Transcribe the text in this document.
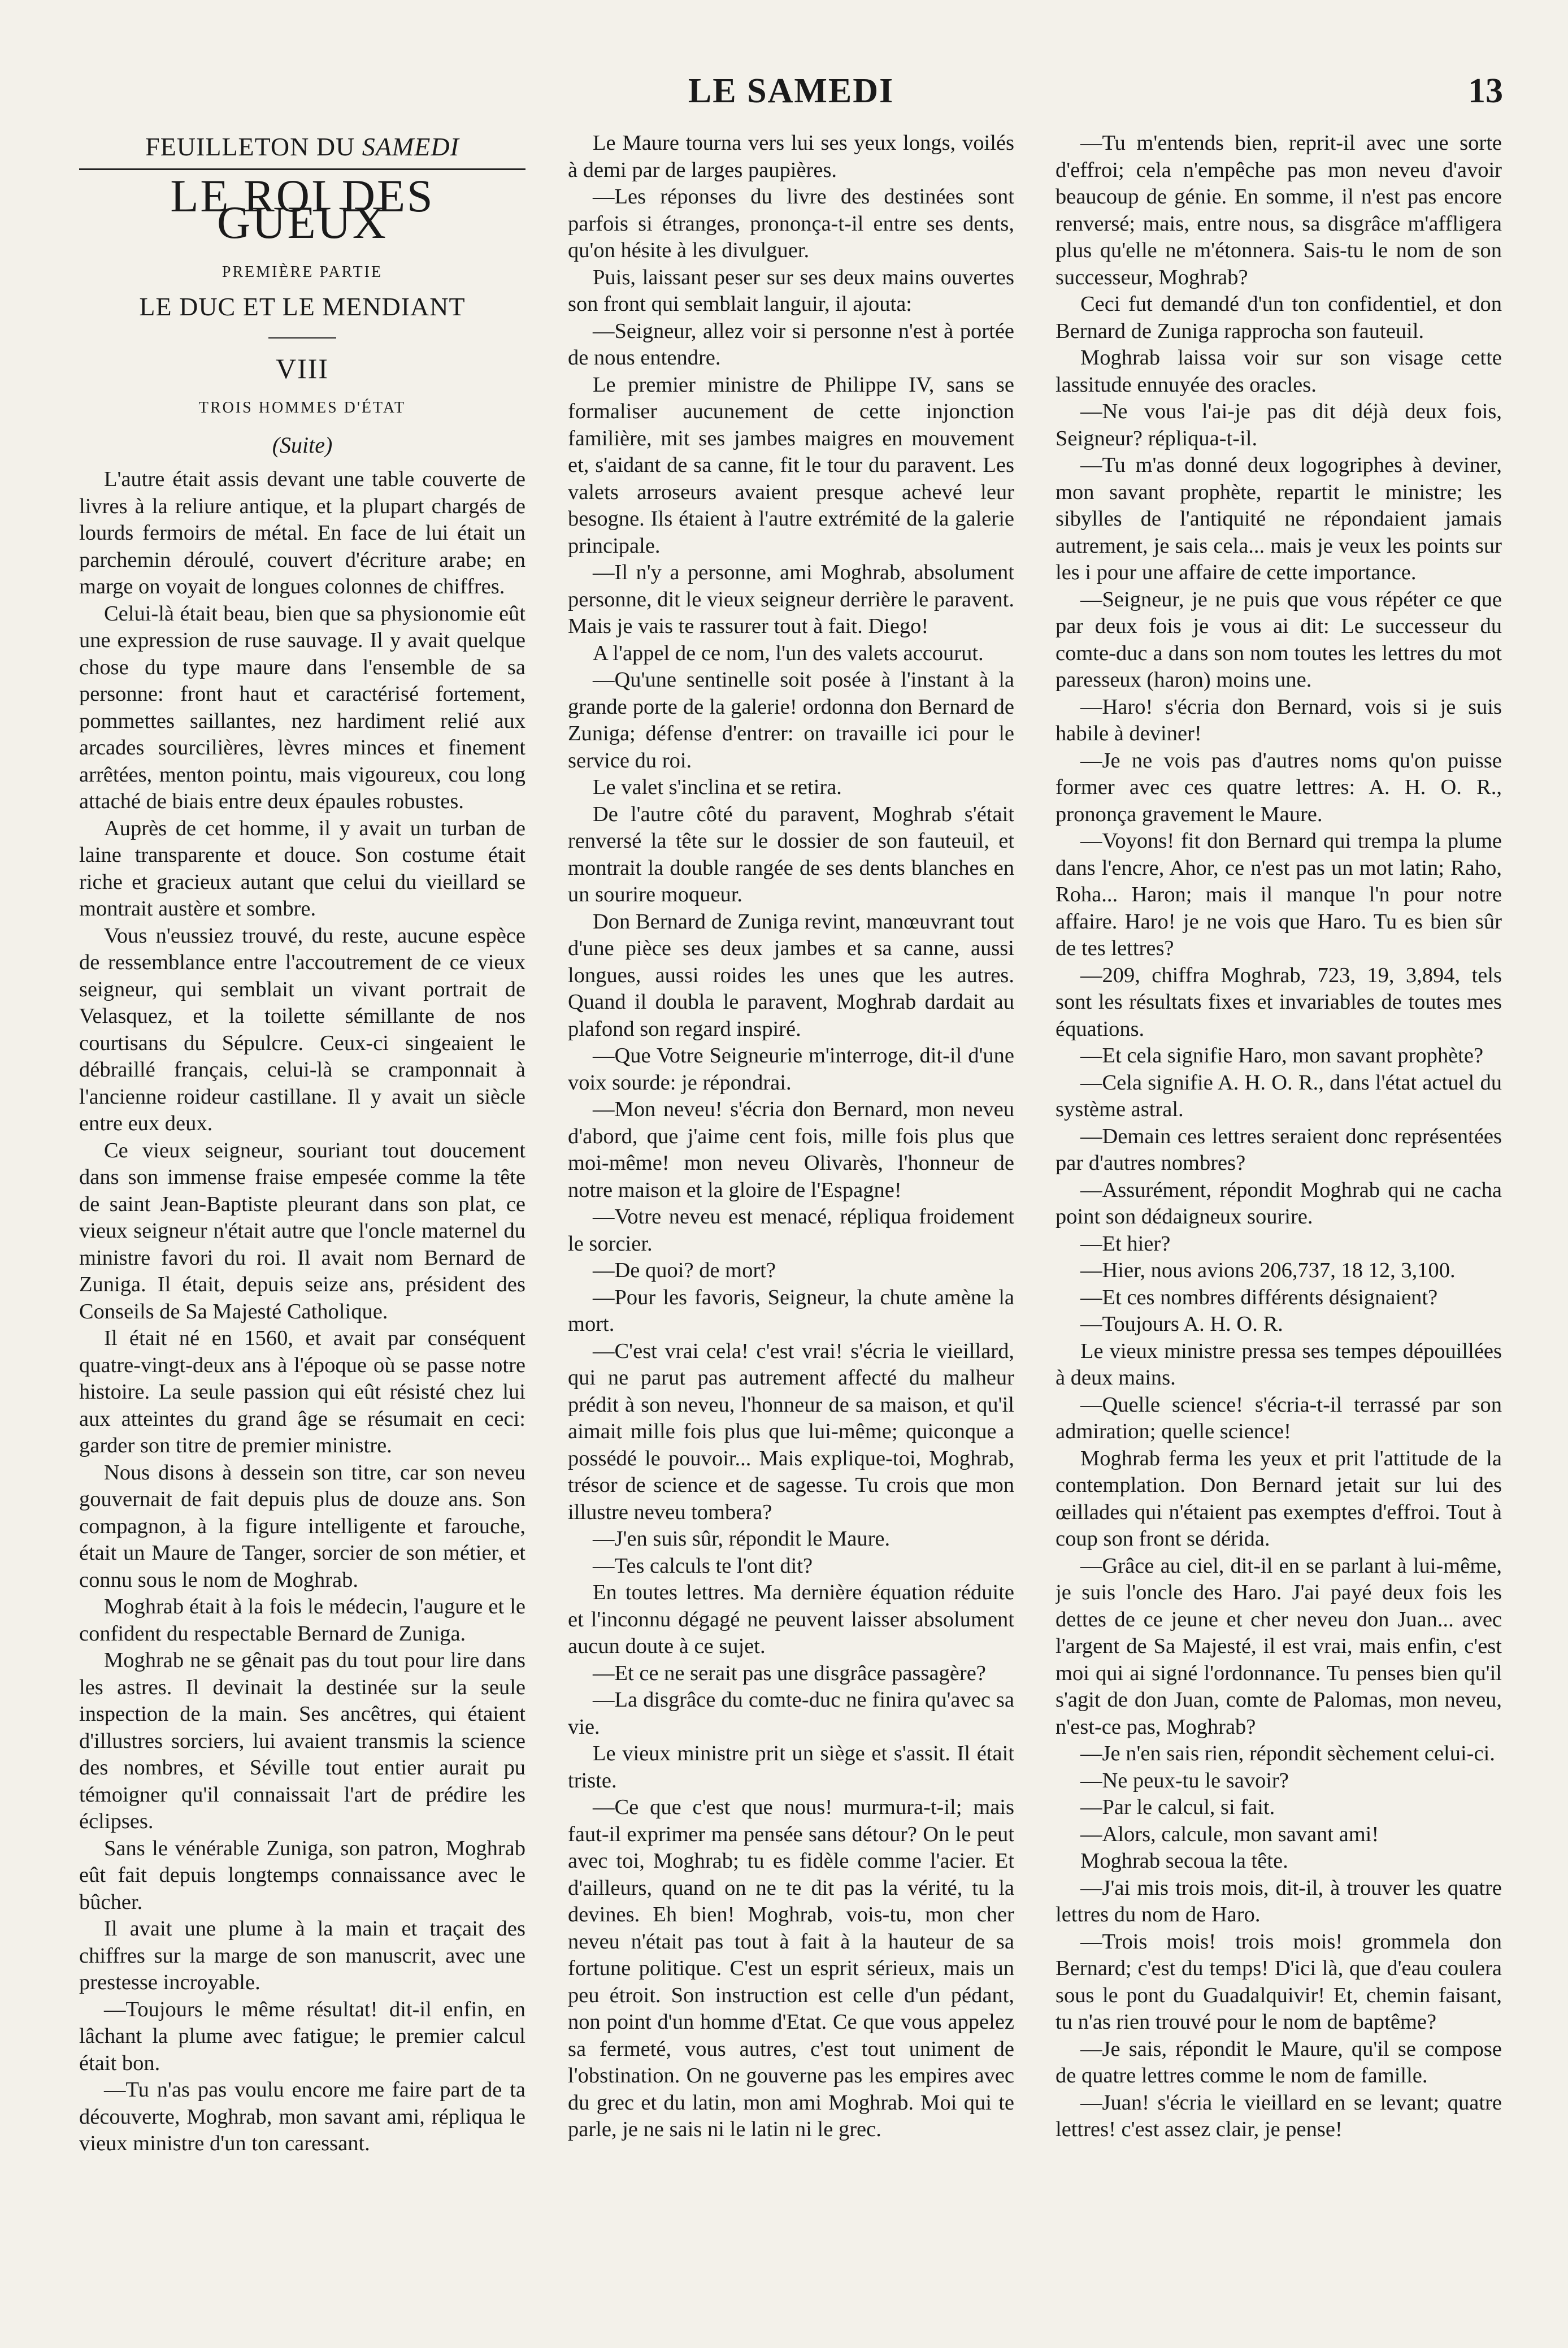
LE SAMEDI	13
FEUILLETON DU SAMEDI
LE ROI DES GUEUX
PREMIÈRE PARTIE
LE DUC ET LE MENDIANT
VIII
TROIS HOMMES D'ÉTAT
(Suite)

L'autre était assis devant une table couverte de livres à la reliure antique, et la plupart chargés de lourds fermoirs de métal. En face de lui était un parchemin déroulé, couvert d'écriture arabe; en marge on voyait de longues colonnes de chiffres.

Celui-là était beau, bien que sa physionomie eût une expression de ruse sauvage. Il y avait quelque chose du type maure dans l'ensemble de sa personne: front haut et caractérisé fortement, pommettes saillantes, nez hardiment relié aux arcades sourcilières, lèvres minces et finement arrêtées, menton pointu, mais vigoureux, cou long attaché de biais entre deux épaules robustes.

Auprès de cet homme, il y avait un turban de laine transparente et douce. Son costume était riche et gracieux autant que celui du vieillard se montrait austère et sombre.

Vous n'eussiez trouvé, du reste, aucune espèce de ressemblance entre l'accoutrement de ce vieux seigneur, qui semblait un vivant portrait de Velasquez, et la toilette sémillante de nos courtisans du Sépulcre. Ceux-ci singeaient le débraillé français, celui-là se cramponnait à l'ancienne roideur castillane. Il y avait un siècle entre eux deux.

Ce vieux seigneur, souriant tout doucement dans son immense fraise empesée comme la tête de saint Jean-Baptiste pleurant dans son plat, ce vieux seigneur n'était autre que l'oncle maternel du ministre favori du roi. Il avait nom Bernard de Zuniga. Il était, depuis seize ans, président des Conseils de Sa Majesté Catholique.

Il était né en 1560, et avait par conséquent quatre-vingt-deux ans à l'époque où se passe notre histoire. La seule passion qui eût résisté chez lui aux atteintes du grand âge se résumait en ceci: garder son titre de premier ministre.

Nous disons à dessein son titre, car son neveu gouvernait de fait depuis plus de douze ans. Son compagnon, à la figure intelligente et farouche, était un Maure de Tanger, sorcier de son métier, et connu sous le nom de Moghrab.

Moghrab était à la fois le médecin, l'augure et le confident du respectable Bernard de Zuniga.

Moghrab ne se gênait pas du tout pour lire dans les astres. Il devinait la destinée sur la seule inspection de la main. Ses ancêtres, qui étaient d'illustres sorciers, lui avaient transmis la science des nombres, et Séville tout entier aurait pu témoigner qu'il connaissait l'art de prédire les éclipses.

Sans le vénérable Zuniga, son patron, Moghrab eût fait depuis longtemps connaissance avec le bûcher.

Il avait une plume à la main et traçait des chiffres sur la marge de son manuscrit, avec une prestesse incroyable.

—Toujours le même résultat! dit-il enfin, en lâchant la plume avec fatigue; le premier calcul était bon.

—Tu n'as pas voulu encore me faire part de ta découverte, Moghrab, mon savant ami, répliqua le vieux ministre d'un ton caressant.

Le Maure tourna vers lui ses yeux longs, voilés à demi par de larges paupières.

—Les réponses du livre des destinées sont parfois si étranges, prononça-t-il entre ses dents, qu'on hésite à les divulguer.

Puis, laissant peser sur ses deux mains ouvertes son front qui semblait languir, il ajouta:

—Seigneur, allez voir si personne n'est à portée de nous entendre.

Le premier ministre de Philippe IV, sans se formaliser aucunement de cette injonction familière, mit ses jambes maigres en mouvement et, s'aidant de sa canne, fit le tour du paravent. Les valets arroseurs avaient presque achevé leur besogne. Ils étaient à l'autre extrémité de la galerie principale.

—Il n'y a personne, ami Moghrab, absolument personne, dit le vieux seigneur derrière le paravent. Mais je vais te rassurer tout à fait. Diego!

A l'appel de ce nom, l'un des valets accourut.

—Qu'une sentinelle soit posée à l'instant à la grande porte de la galerie! ordonna don Bernard de Zuniga; défense d'entrer: on travaille ici pour le service du roi.

Le valet s'inclina et se retira.

De l'autre côté du paravent, Moghrab s'était renversé la tête sur le dossier de son fauteuil, et montrait la double rangée de ses dents blanches en un sourire moqueur.

Don Bernard de Zuniga revint, manœuvrant tout d'une pièce ses deux jambes et sa canne, aussi longues, aussi roides les unes que les autres. Quand il doubla le paravent, Moghrab dardait au plafond son regard inspiré.

—Que Votre Seigneurie m'interroge, dit-il d'une voix sourde: je répondrai.

—Mon neveu! s'écria don Bernard, mon neveu d'abord, que j'aime cent fois, mille fois plus que moi-même! mon neveu Olivarès, l'honneur de notre maison et la gloire de l'Espagne!

—Votre neveu est menacé, répliqua froidement le sorcier.

—De quoi? de mort?

—Pour les favoris, Seigneur, la chute amène la mort.

—C'est vrai cela! c'est vrai! s'écria le vieillard, qui ne parut pas autrement affecté du malheur prédit à son neveu, l'honneur de sa maison, et qu'il aimait mille fois plus que lui-même; quiconque a possédé le pouvoir... Mais explique-toi, Moghrab, trésor de science et de sagesse. Tu crois que mon illustre neveu tombera?

—J'en suis sûr, répondit le Maure.

—Tes calculs te l'ont dit?

En toutes lettres. Ma dernière équation réduite et l'inconnu dégagé ne peuvent laisser absolument aucun doute à ce sujet.

—Et ce ne serait pas une disgrâce passagère?

—La disgrâce du comte-duc ne finira qu'avec sa vie.

Le vieux ministre prit un siège et s'assit. Il était triste.

—Ce que c'est que nous! murmura-t-il; mais faut-il exprimer ma pensée sans détour? On le peut avec toi, Moghrab; tu es fidèle comme l'acier. Et d'ailleurs, quand on ne te dit pas la vérité, tu la devines. Eh bien! Moghrab, vois-tu, mon cher neveu n'était pas tout à fait à la hauteur de sa fortune politique. C'est un esprit sérieux, mais un peu étroit. Son instruction est celle d'un pédant, non point d'un homme d'Etat. Ce que vous appelez sa fermeté, vous autres, c'est tout uniment de l'obstination. On ne gouverne pas les empires avec du grec et du latin, mon ami Moghrab. Moi qui te parle, je ne sais ni le latin ni le grec.

—Tu m'entends bien, reprit-il avec une sorte d'effroi; cela n'empêche pas mon neveu d'avoir beaucoup de génie. En somme, il n'est pas encore renversé; mais, entre nous, sa disgrâce m'affligera plus qu'elle ne m'étonnera. Sais-tu le nom de son successeur, Moghrab?

Ceci fut demandé d'un ton confidentiel, et don Bernard de Zuniga rapprocha son fauteuil.

Moghrab laissa voir sur son visage cette lassitude ennuyée des oracles.

—Ne vous l'ai-je pas dit déjà deux fois, Seigneur? répliqua-t-il.

—Tu m'as donné deux logogriphes à deviner, mon savant prophète, repartit le ministre; les sibylles de l'antiquité ne répondaient jamais autrement, je sais cela... mais je veux les points sur les i pour une affaire de cette importance.

—Seigneur, je ne puis que vous répéter ce que par deux fois je vous ai dit: Le successeur du comte-duc a dans son nom toutes les lettres du mot paresseux (haron) moins une.

—Haro! s'écria don Bernard, vois si je suis habile à deviner!

—Je ne vois pas d'autres noms qu'on puisse former avec ces quatre lettres: A. H. O. R., prononça gravement le Maure.

—Voyons! fit don Bernard qui trempa la plume dans l'encre, Ahor, ce n'est pas un mot latin; Raho, Roha... Haron; mais il manque l'n pour notre affaire. Haro! je ne vois que Haro. Tu es bien sûr de tes lettres?

—209, chiffra Moghrab, 723, 19, 3,894, tels sont les résultats fixes et invariables de toutes mes équations.

—Et cela signifie Haro, mon savant prophète?

—Cela signifie A. H. O. R., dans l'état actuel du système astral.

—Demain ces lettres seraient donc représentées par d'autres nombres?

—Assurément, répondit Moghrab qui ne cacha point son dédaigneux sourire.

—Et hier?

—Hier, nous avions 206,737, 18 12, 3,100.

—Et ces nombres différents désignaient?

—Toujours A. H. O. R.

Le vieux ministre pressa ses tempes dépouillées à deux mains.

—Quelle science! s'écria-t-il terrassé par son admiration; quelle science!

Moghrab ferma les yeux et prit l'attitude de la contemplation. Don Bernard jetait sur lui des œillades qui n'étaient pas exemptes d'effroi. Tout à coup son front se dérida.

—Grâce au ciel, dit-il en se parlant à lui-même, je suis l'oncle des Haro. J'ai payé deux fois les dettes de ce jeune et cher neveu don Juan... avec l'argent de Sa Majesté, il est vrai, mais enfin, c'est moi qui ai signé l'ordonnance. Tu penses bien qu'il s'agit de don Juan, comte de Palomas, mon neveu, n'est-ce pas, Moghrab?

—Je n'en sais rien, répondit sèchement celui-ci.

—Ne peux-tu le savoir?

—Par le calcul, si fait.

—Alors, calcule, mon savant ami!

Moghrab secoua la tête.

—J'ai mis trois mois, dit-il, à trouver les quatre lettres du nom de Haro.

—Trois mois! trois mois! grommela don Bernard; c'est du temps! D'ici là, que d'eau coulera sous le pont du Guadalquivir! Et, chemin faisant, tu n'as rien trouvé pour le nom de baptême?

—Je sais, répondit le Maure, qu'il se compose de quatre lettres comme le nom de famille.

—Juan! s'écria le vieillard en se levant; quatre lettres! c'est assez clair, je pense!
